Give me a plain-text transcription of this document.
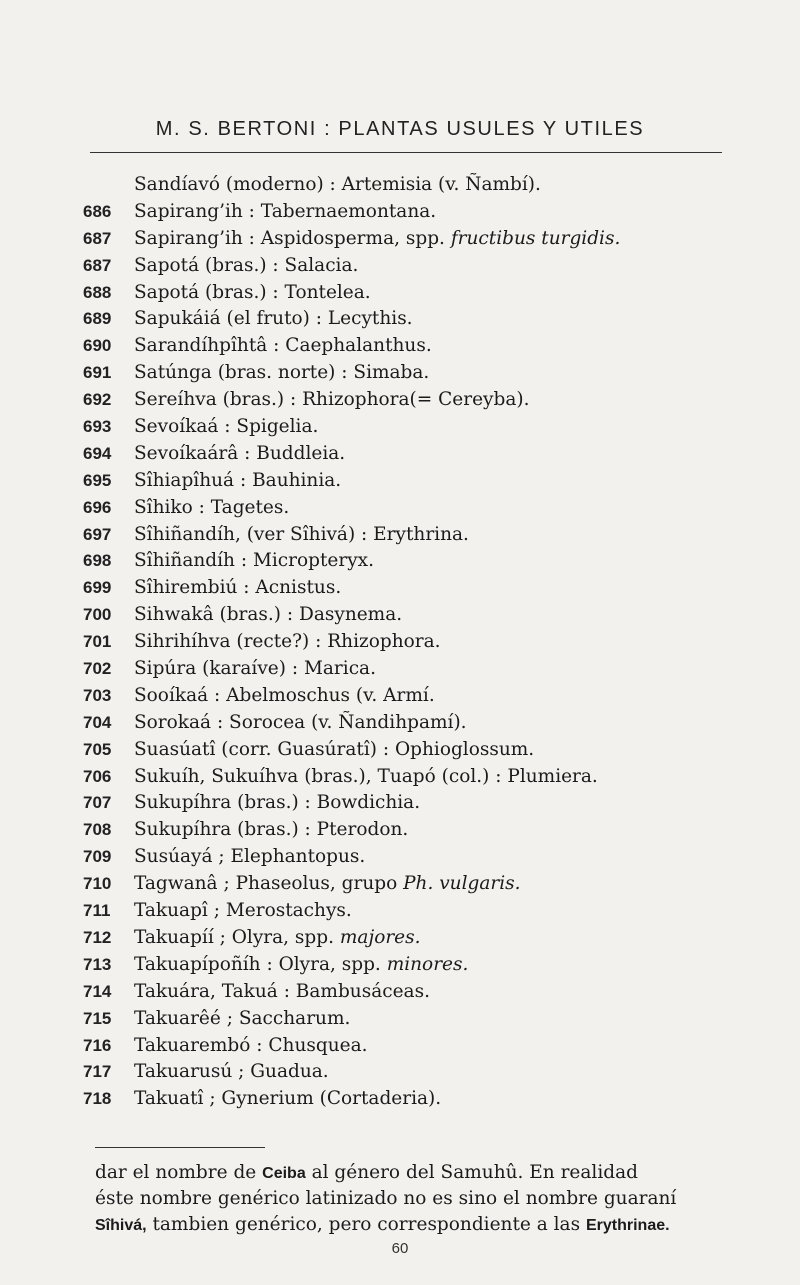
M. S. BERTONI : PLANTAS USULES Y UTILES
Sandíavó (moderno) : Artemisia (v. Ñambí).
686	Sapirang’ih : Tabernaemontana.
687	Sapirang’ih : Aspidosperma, spp. fructibus turgidis.
687	Sapotá (bras.) : Salacia.
688	Sapotá (bras.) : Tontelea.
689	Sapukáiá (el fruto) : Lecythis.
690	Sarandíhpîhtâ : Caephalanthus.
691	Satúnga (bras. norte) : Simaba.
692	Sereíhva (bras.) : Rhizophora(= Cereyba).
693	Sevoíkaá : Spigelia.
694	Sevoíkaárâ : Buddleia.
695	Sîhiapîhuá : Bauhinia.
696	Sîhiko : Tagetes.
697	Sîhiñandíh, (ver Sîhivá) : Erythrina.
698	Sîhiñandíh : Micropteryx.
699	Sîhirembiú : Acnistus.
700	Sihwakâ (bras.) : Dasynema.
701	Sihrihíhva (recte?) : Rhizophora.
702	Sipúra (karaíve) : Marica.
703	Sooíkaá : Abelmoschus (v. Armí.
704	Sorokaá : Sorocea (v. Ñandihpamí).
705	Suasúatî (corr. Guasúratî) : Ophioglossum.
706	Sukuíh, Sukuíhva (bras.), Tuapó (col.) : Plumiera.
707	Sukupíhra (bras.) : Bowdichia.
708	Sukupíhra (bras.) : Pterodon.
709	Susúayá ; Elephantopus.
710	Tagwanâ ; Phaseolus, grupo Ph. vulgaris.
711	Takuapî ; Merostachys.
712	Takuapíí ; Olyra, spp. majores.
713	Takuapípoñíh : Olyra, spp. minores.
714	Takuára, Takuá : Bambusáceas.
715	Takuarêé ; Saccharum.
716	Takuarembó : Chusquea.
717	Takuarusú ; Guadua.
718	Takuatî ; Gynerium (Cortaderia).
dar el nombre de Ceiba al género del Samuhû. En realidad
éste nombre genérico latinizado no es sino el nombre guaraní
Sîhivá, tambien genérico, pero correspondiente a las Erythrinae.
60
